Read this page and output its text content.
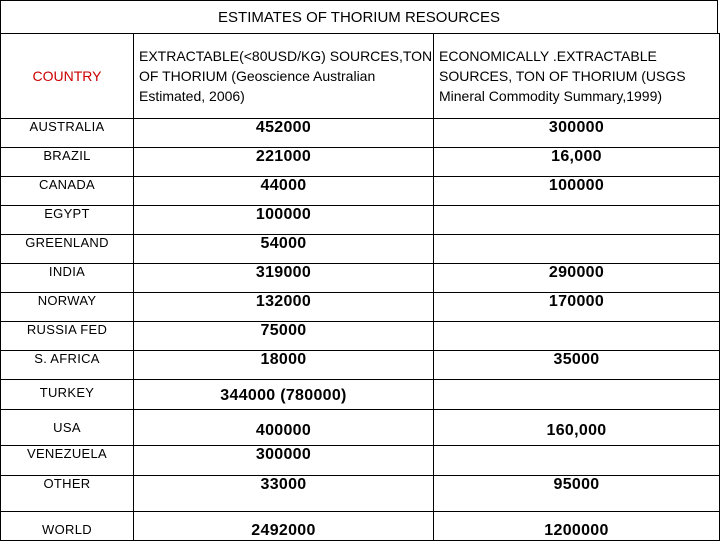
ESTIMATES OF THORIUM RESOURCES
COUNTRY	EXTRACTABLE(<80USD/KG) SOURCES,TON OF THORIUM (Geoscience Australian Estimated, 2006)	ECONOMICALLY .EXTRACTABLE SOURCES, TON OF THORIUM (USGS Mineral Commodity Summary,1999)
AUSTRALIA	452000	300000
BRAZIL	221000	16,000
CANADA	44000	100000
EGYPT	100000	
GREENLAND	54000	
INDIA	319000	290000
NORWAY	132000	170000
RUSSIA FED	75000	
S. AFRICA	18000	35000
TURKEY	344000 (780000)	
USA	400000	160,000
VENEZUELA	300000	
OTHER	33000	95000
WORLD	2492000	1200000
